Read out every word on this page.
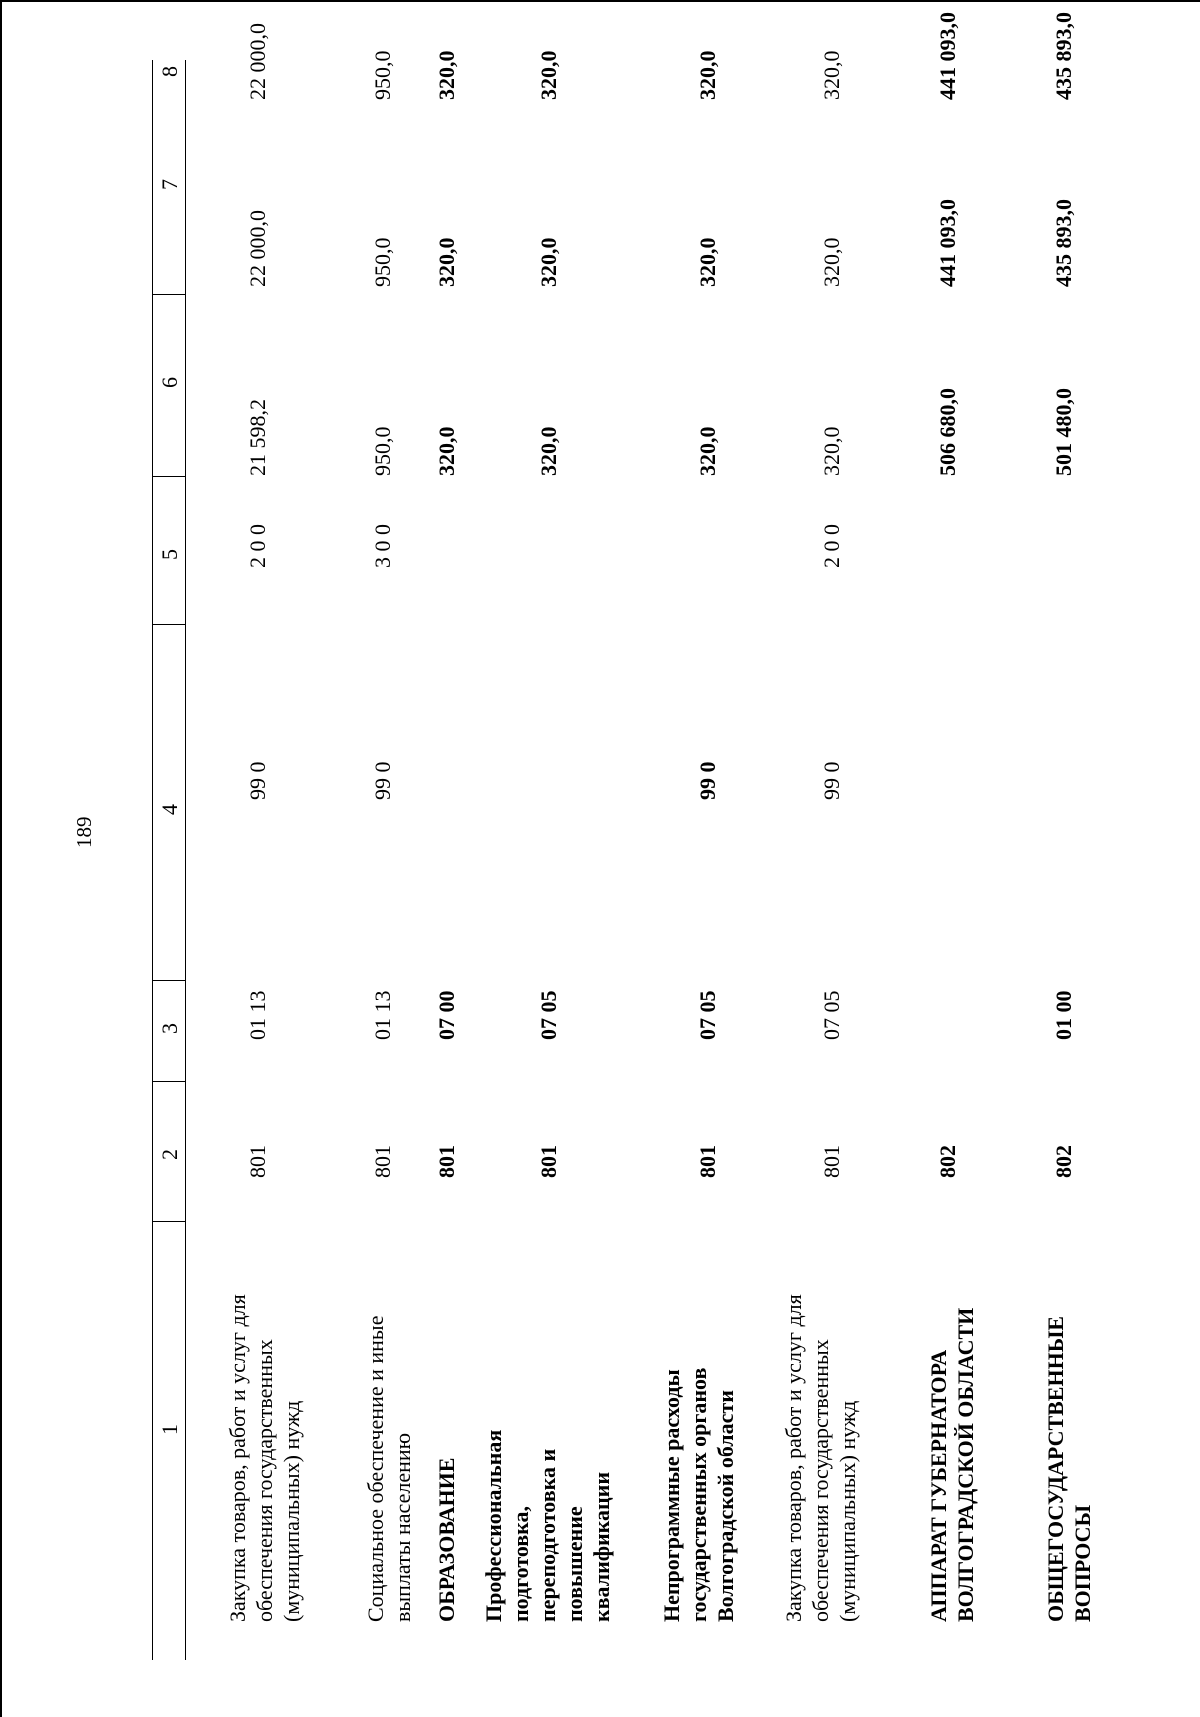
189
1
2
3
4
5
6
7
8
Закупка товаров, работ и услуг для обеспечения государственных (муниципальных) нужд
801
01 13
99 0
2 0 0
21 598,2
22 000,0
22 000,0
Социальное обеспечение и иные выплаты населению
801
01 13
99 0
3 0 0
950,0
950,0
950,0
ОБРАЗОВАНИЕ
801
07 00
320,0
320,0
320,0
Профессиональная подготовка, переподготовка и повышение квалификации
801
07 05
320,0
320,0
320,0
Непрограммные расходы государственных органов Волгоградской области
801
07 05
99 0
320,0
320,0
320,0
Закупка товаров, работ и услуг для обеспечения государственных (муниципальных) нужд
801
07 05
99 0
2 0 0
320,0
320,0
320,0
АППАРАТ ГУБЕРНАТОРА ВОЛГОГРАДСКОЙ ОБЛАСТИ
802
506 680,0
441 093,0
441 093,0
ОБЩЕГОСУДАРСТВЕННЫЕ ВОПРОСЫ
802
01 00
501 480,0
435 893,0
435 893,0
